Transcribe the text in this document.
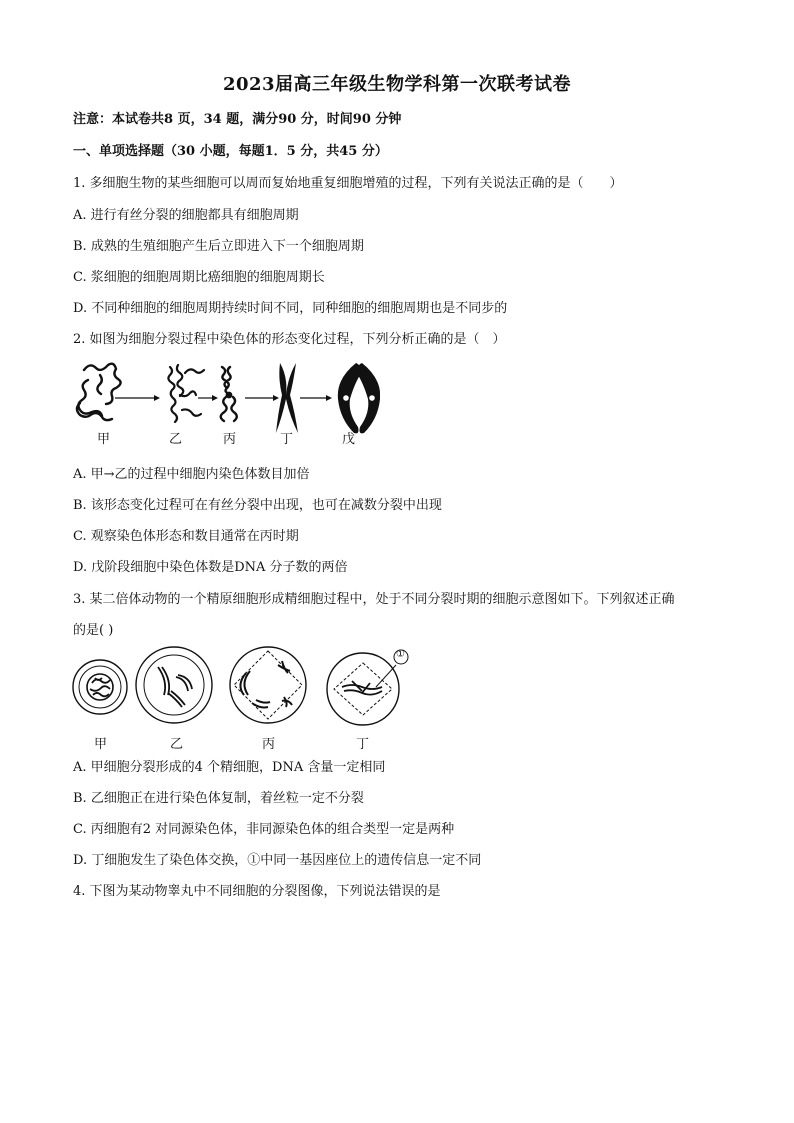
2023届高三年级生物学科第一次联考试卷
注意：本试卷共8 页，34 题，满分90 分，时间90 分钟
一、单项选择题（30 小题，每题1．5 分，共45 分）
1. 多细胞生物的某些细胞可以周而复始地重复细胞增殖的过程，下列有关说法正确的是（　　）
A. 进行有丝分裂的细胞都具有细胞周期
B. 成熟的生殖细胞产生后立即进入下一个细胞周期
C. 浆细胞的细胞周期比癌细胞的细胞周期长
D. 不同种细胞的细胞周期持续时间不同，同种细胞的细胞周期也是不同步的
2. 如图为细胞分裂过程中染色体的形态变化过程，下列分析正确的是（　）
甲	乙	丙	丁	戊
A. 甲→乙的过程中细胞内染色体数目加倍
B. 该形态变化过程可在有丝分裂中出现，也可在减数分裂中出现
C. 观察染色体形态和数目通常在丙时期
D. 戊阶段细胞中染色体数是DNA 分子数的两倍
3. 某二倍体动物的一个精原细胞形成精细胞过程中，处于不同分裂时期的细胞示意图如下。下列叙述正确
的是( )
①
甲	乙	丙	丁
A. 甲细胞分裂形成的4 个精细胞，DNA 含量一定相同
B. 乙细胞正在进行染色体复制，着丝粒一定不分裂
C. 丙细胞有2 对同源染色体，非同源染色体的组合类型一定是两种
D. 丁细胞发生了染色体交换，①中同一基因座位上的遗传信息一定不同
4. 下图为某动物睾丸中不同细胞的分裂图像，下列说法错误的是
